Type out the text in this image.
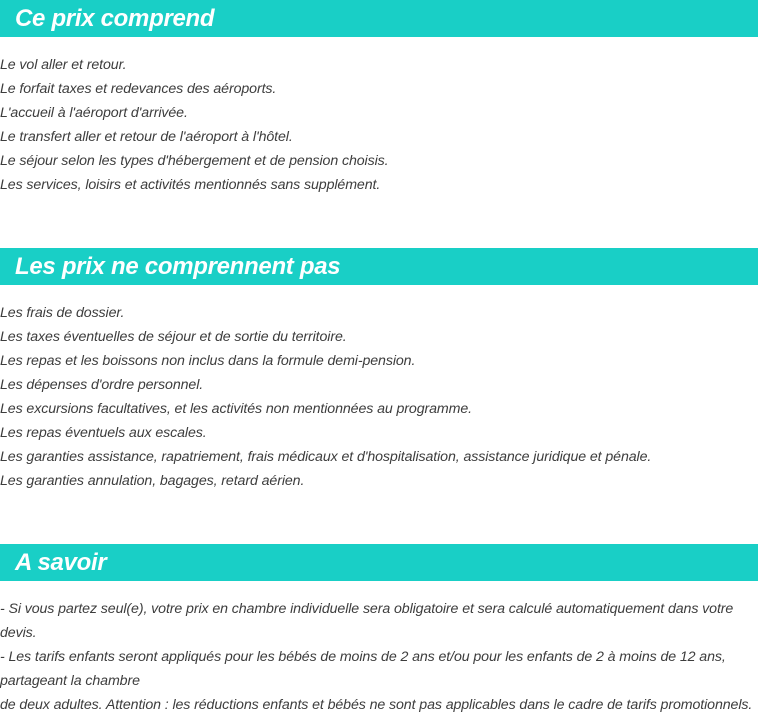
Ce prix comprend
Le vol aller et retour.
Le forfait taxes et redevances des aéroports.
L'accueil à l'aéroport d'arrivée.
Le transfert aller et retour de l'aéroport à l'hôtel.
Le séjour selon les types d'hébergement et de pension choisis.
Les services, loisirs et activités mentionnés sans supplément.
Les prix ne comprennent pas
Les frais de dossier.
Les taxes éventuelles de séjour et de sortie du territoire.
Les repas et les boissons non inclus dans la formule demi-pension.
Les dépenses d'ordre personnel.
Les excursions facultatives, et les activités non mentionnées au programme.
Les repas éventuels aux escales.
Les garanties assistance, rapatriement, frais médicaux et d'hospitalisation, assistance juridique et pénale.
Les garanties annulation, bagages, retard aérien.
A savoir

- Si vous partez seul(e), votre prix en chambre individuelle sera obligatoire et sera calculé automatiquement dans votre devis.

- Les tarifs enfants seront appliqués pour les bébés de moins de 2 ans et/ou pour les enfants de 2 à moins de 12 ans, partageant la chambre

de deux adultes. Attention : les réductions enfants et bébés ne sont pas applicables dans le cadre de tarifs promotionnels.
